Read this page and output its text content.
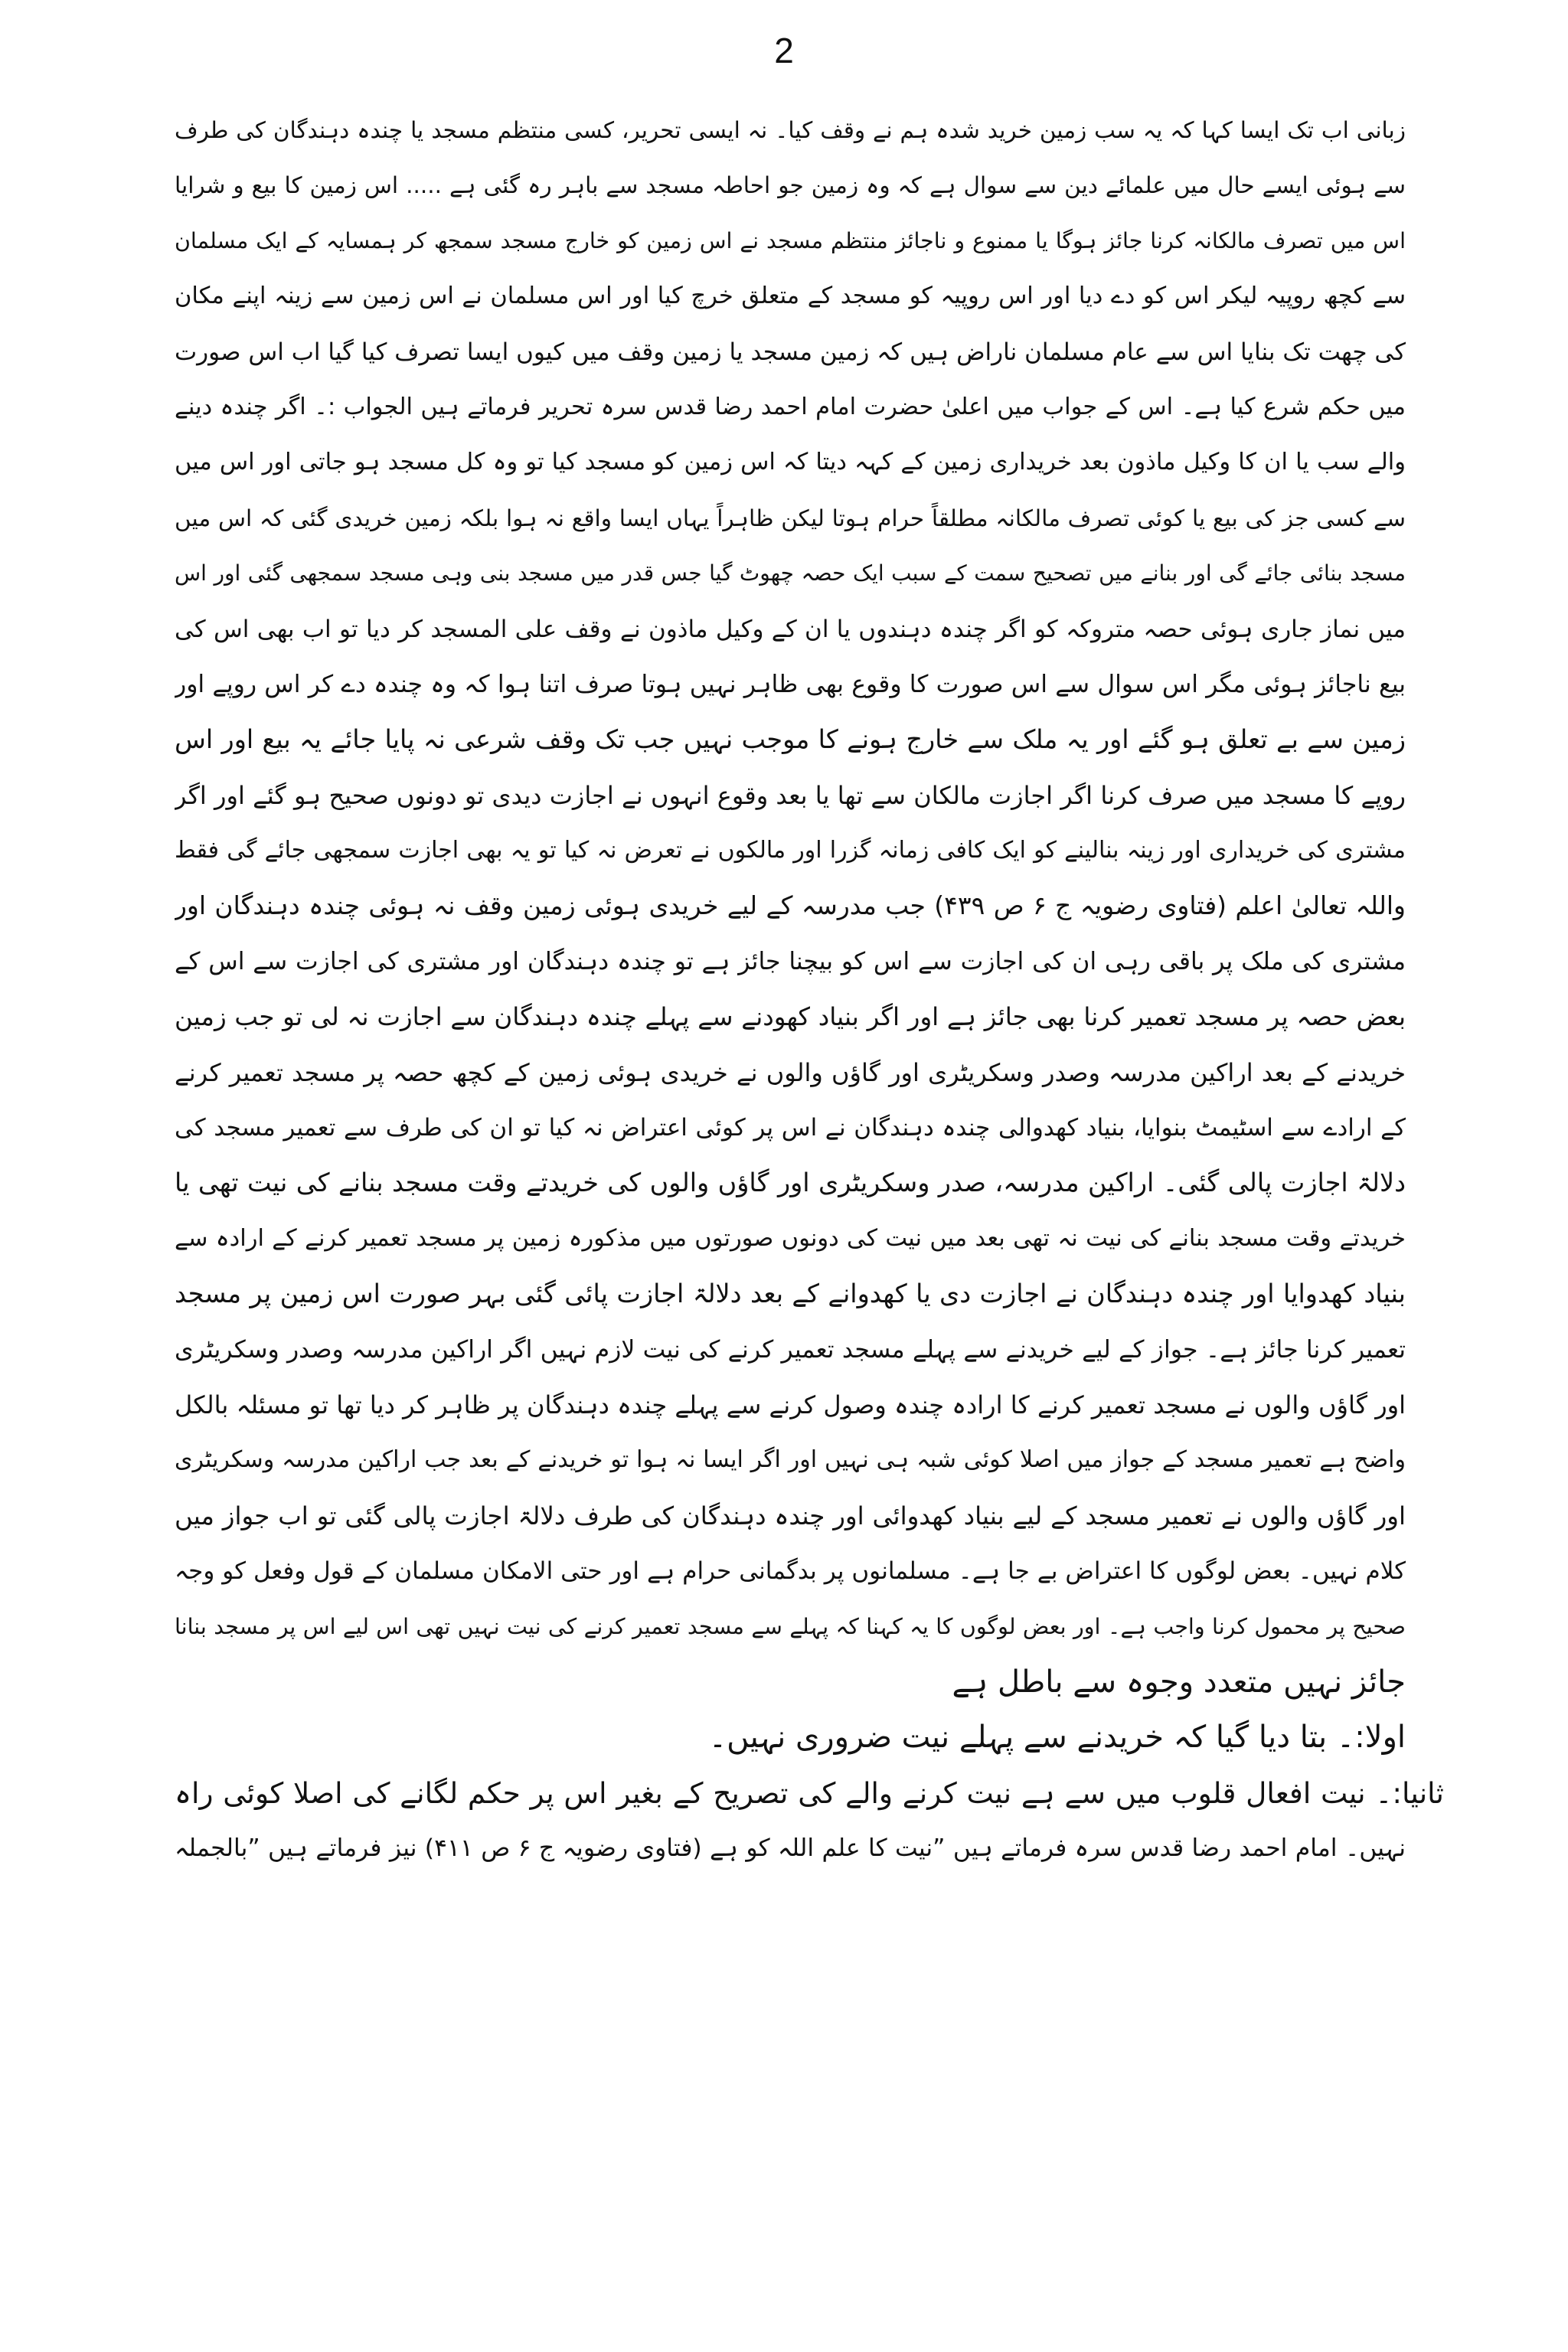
2
زبانی اب تک ایسا کہا کہ یہ سب زمین خرید شدہ ہم نے وقف کیا۔ نہ ایسی تحریر، کسی منتظم مسجد یا چندہ دہندگان کی طرف
سے ہوئی ایسے حال میں علمائے دین سے سوال ہے کہ وہ زمین جو احاطہ مسجد سے باہر رہ گئی ہے ..... اس زمین کا بیع و شرایا
اس میں تصرف مالکانہ کرنا جائز ہوگا یا ممنوع و ناجائز منتظم مسجد نے اس زمین کو خارج مسجد سمجھ کر ہمسایہ کے ایک مسلمان
سے کچھ روپیہ لیکر اس کو دے دیا اور اس روپیہ کو مسجد کے متعلق خرچ کیا اور اس مسلمان نے اس زمین سے زینہ اپنے مکان
کی چھت تک بنایا اس سے عام مسلمان ناراض ہیں کہ زمین مسجد یا زمین وقف میں کیوں ایسا تصرف کیا گیا اب اس صورت
میں حکم شرع کیا ہے۔ اس کے جواب میں اعلیٰ حضرت امام احمد رضا قدس سرہ تحریر فرماتے ہیں الجواب :۔ اگر چندہ دینے
والے سب یا ان کا وکیل ماذون بعد خریداری زمین کے کہہ دیتا کہ اس زمین کو مسجد کیا تو وہ کل مسجد ہو جاتی اور اس میں
سے کسی جز کی بیع یا کوئی تصرف مالکانہ مطلقاً حرام ہوتا لیکن ظاہراً یہاں ایسا واقع نہ ہوا بلکہ زمین خریدی گئی کہ اس میں
مسجد بنائی جائے گی اور بنانے میں تصحیح سمت کے سبب ایک حصہ چھوٹ گیا جس قدر میں مسجد بنی وہی مسجد سمجھی گئی اور اس
میں نماز جاری ہوئی حصہ متروکہ کو اگر چندہ دہندوں یا ان کے وکیل ماذون نے وقف علی المسجد کر دیا تو اب بھی اس کی
بیع ناجائز ہوئی مگر اس سوال سے اس صورت کا وقوع بھی ظاہر نہیں ہوتا صرف اتنا ہوا کہ وہ چندہ دے کر اس روپے اور
زمین سے بے تعلق ہو گئے اور یہ ملک سے خارج ہونے کا موجب نہیں جب تک وقف شرعی نہ پایا جائے یہ بیع اور اس
روپے کا مسجد میں صرف کرنا اگر اجازت مالکان سے تھا یا بعد وقوع انہوں نے اجازت دیدی تو دونوں صحیح ہو گئے اور اگر
مشتری کی خریداری اور زینہ بنالینے کو ایک کافی زمانہ گزرا اور مالکوں نے تعرض نہ کیا تو یہ بھی اجازت سمجھی جائے گی فقط
واللہ تعالیٰ اعلم (فتاوی رضویہ ج ۶ ص ۴۳۹) جب مدرسہ کے لیے خریدی ہوئی زمین وقف نہ ہوئی چندہ دہندگان اور
مشتری کی ملک پر باقی رہی ان کی اجازت سے اس کو بیچنا جائز ہے تو چندہ دہندگان اور مشتری کی اجازت سے اس کے
بعض حصہ پر مسجد تعمیر کرنا بھی جائز ہے اور اگر بنیاد کھودنے سے پہلے چندہ دہندگان سے اجازت نہ لی تو جب زمین
خریدنے کے بعد اراکین مدرسہ وصدر وسکریٹری اور گاؤں والوں نے خریدی ہوئی زمین کے کچھ حصہ پر مسجد تعمیر کرنے
کے ارادے سے اسٹیمٹ بنوایا، بنیاد کھدوالی چندہ دہندگان نے اس پر کوئی اعتراض نہ کیا تو ان کی طرف سے تعمیر مسجد کی
دلالۃ اجازت پالی گئی۔ اراکین مدرسہ، صدر وسکریٹری اور گاؤں والوں کی خریدتے وقت مسجد بنانے کی نیت تھی یا
خریدتے وقت مسجد بنانے کی نیت نہ تھی بعد میں نیت کی دونوں صورتوں میں مذکورہ زمین پر مسجد تعمیر کرنے کے ارادہ سے
بنیاد کھدوایا اور چندہ دہندگان نے اجازت دی یا کھدوانے کے بعد دلالۃ اجازت پائی گئی بہر صورت اس زمین پر مسجد
تعمیر کرنا جائز ہے۔ جواز کے لیے خریدنے سے پہلے مسجد تعمیر کرنے کی نیت لازم نہیں اگر اراکین مدرسہ وصدر وسکریٹری
اور گاؤں والوں نے مسجد تعمیر کرنے کا ارادہ چندہ وصول کرنے سے پہلے چندہ دہندگان پر ظاہر کر دیا تھا تو مسئلہ بالکل
واضح ہے تعمیر مسجد کے جواز میں اصلا کوئی شبہ ہی نہیں اور اگر ایسا نہ ہوا تو خریدنے کے بعد جب اراکین مدرسہ وسکریٹری
اور گاؤں والوں نے تعمیر مسجد کے لیے بنیاد کھدوائی اور چندہ دہندگان کی طرف دلالۃ اجازت پالی گئی تو اب جواز میں
کلام نہیں۔ بعض لوگوں کا اعتراض بے جا ہے۔ مسلمانوں پر بدگمانی حرام ہے اور حتی الامکان مسلمان کے قول وفعل کو وجہ
صحیح پر محمول کرنا واجب ہے۔ اور بعض لوگوں کا یہ کہنا کہ پہلے سے مسجد تعمیر کرنے کی نیت نہیں تھی اس لیے اس پر مسجد بنانا
جائز نہیں متعدد وجوہ سے باطل ہے
اولا:۔ بتا دیا گیا کہ خریدنے سے پہلے نیت ضروری نہیں۔
ثانیا:۔ نیت افعال قلوب میں سے ہے نیت کرنے والے کی تصریح کے بغیر اس پر حکم لگانے کی اصلا کوئی راہ
نہیں۔ امام احمد رضا قدس سرہ فرماتے ہیں ”نیت کا علم اللہ کو ہے (فتاوی رضویہ ج ۶ ص ۴۱۱) نیز فرماتے ہیں ”بالجملہ
